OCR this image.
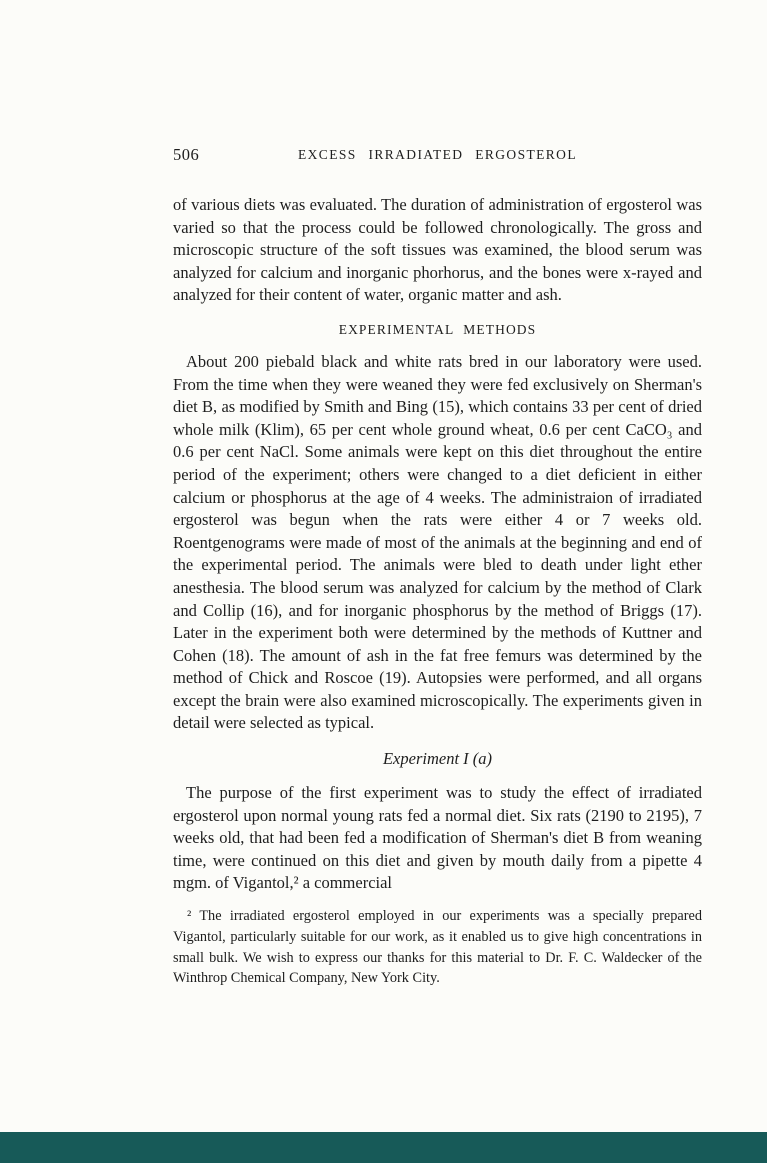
506	EXCESS IRRADIATED ERGOSTEROL

of various diets was evaluated. The duration of administration of ergosterol was varied so that the process could be followed chronologically. The gross and microscopic structure of the soft tissues was examined, the blood serum was analyzed for calcium and inorganic phorhorus, and the bones were x-rayed and analyzed for their content of water, organic matter and ash.

EXPERIMENTAL METHODS

About 200 piebald black and white rats bred in our laboratory were used. From the time when they were weaned they were fed exclusively on Sherman's diet B, as modified by Smith and Bing (15), which contains 33 per cent of dried whole milk (Klim), 65 per cent whole ground wheat, 0.6 per cent CaCO₃ and 0.6 per cent NaCl. Some animals were kept on this diet throughout the entire period of the experiment; others were changed to a diet deficient in either calcium or phosphorus at the age of 4 weeks. The administraion of irradiated ergosterol was begun when the rats were either 4 or 7 weeks old. Roentgenograms were made of most of the animals at the beginning and end of the experimental period. The animals were bled to death under light ether anesthesia. The blood serum was analyzed for calcium by the method of Clark and Collip (16), and for inorganic phosphorus by the method of Briggs (17). Later in the experiment both were determined by the methods of Kuttner and Cohen (18). The amount of ash in the fat free femurs was determined by the method of Chick and Roscoe (19). Autopsies were performed, and all organs except the brain were also examined microscopically. The experiments given in detail were selected as typical.

Experiment I (a)

The purpose of the first experiment was to study the effect of irradiated ergosterol upon normal young rats fed a normal diet. Six rats (2190 to 2195), 7 weeks old, that had been fed a modification of Sherman's diet B from weaning time, were continued on this diet and given by mouth daily from a pipette 4 mgm. of Vigantol,² a commercial

² The irradiated ergosterol employed in our experiments was a specially prepared Vigantol, particularly suitable for our work, as it enabled us to give high concentrations in small bulk. We wish to express our thanks for this material to Dr. F. C. Waldecker of the Winthrop Chemical Company, New York City.
